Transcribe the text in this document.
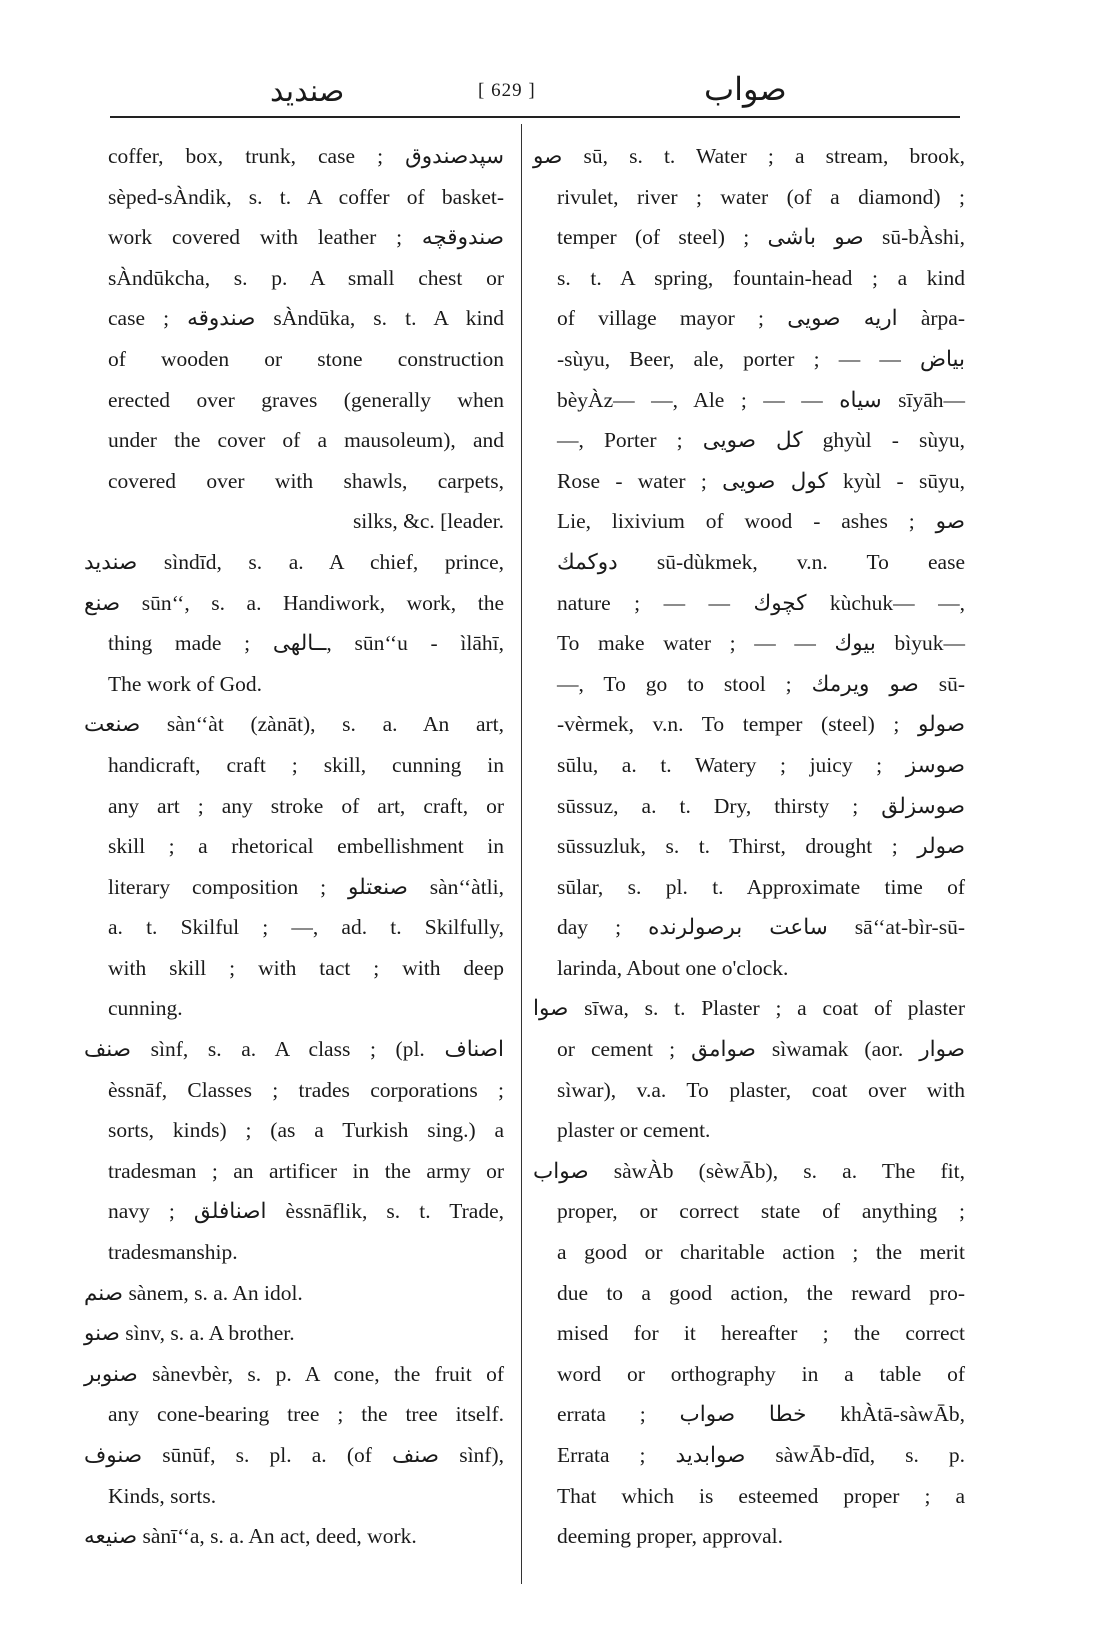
صندید	[ 629 ]	صواب
coffer, box, trunk, case ; سپدصندوق
sèped-sÀndik, s. t. A coffer of basket-
work covered with leather ; صندوقچه
sÀndūkcha, s. p. A small chest or
case ; صندوقه sÀndūka, s. t. A kind
of wooden or stone construction
erected over graves (generally when
under the cover of a mausoleum), and
covered over with shawls, carpets,
silks, &c. [leader.
صندید sìndīd, s. a. A chief, prince,
صنع sūn‘‘, s. a. Handiwork, work, the
thing made ; ــالهی, sūn‘‘u - ìlāhī,
The work of God.
صنعت sàn‘‘àt (zànāt), s. a. An art,
handicraft, craft ; skill, cunning in
any art ; any stroke of art, craft, or
skill ; a rhetorical embellishment in
literary composition ; صنعتلو sàn‘‘àtli,
a. t. Skilful ; —, ad. t. Skilfully,
with skill ; with tact ; with deep
cunning.
صنف sìnf, s. a. A class ; (pl. اصناف
èssnāf, Classes ; trades corporations ;
sorts, kinds) ; (as a Turkish sing.) a
tradesman ; an artificer in the army or
navy ; اصنافلق èssnāflik, s. t. Trade,
tradesmanship.
صنم sànem, s. a. An idol.
صنو sìnv, s. a. A brother.
صنوبر sànevbèr, s. p. A cone, the fruit of
any cone-bearing tree ; the tree itself.
صنوف sūnūf, s. pl. a. (of صنف sìnf),
Kinds, sorts.
صنیعه sànī‘‘a, s. a. An act, deed, work.
صو sū, s. t. Water ; a stream, brook,
rivulet, river ; water (of a diamond) ;
temper (of steel) ; صو باشی sū-bÀshi,
s. t. A spring, fountain-head ; a kind
of village mayor ; اریه صویی àrpa-
-sùyu, Beer, ale, porter ; — — بیاض
bèyÀz— —, Ale ; — — سیاه sīyāh—
—, Porter ; کل صویی ghyùl - sùyu,
Rose - water ; کول صویی kyùl - sūyu,
Lie, lixivium of wood - ashes ; صو
دوکمك sū-dùkmek, v.n. To ease
nature ; — — کچوك kùchuk— —,
To make water ; — — بیوك bìyuk—
—, To go to stool ; صو ویرمك sū-
-vèrmek, v.n. To temper (steel) ; صولو
sūlu, a. t. Watery ; juicy ; صوسز
sūssuz, a. t. Dry, thirsty ; صوسزلق
sūssuzluk, s. t. Thirst, drought ; صولر
sūlar, s. pl. t. Approximate time of
day ; ساعت برصولرنده sā‘‘at-bìr-sū-
larinda, About one o'clock.
صوا sīwa, s. t. Plaster ; a coat of plaster
or cement ; صوامق sìwamak (aor. صوار
sìwar), v.a. To plaster, coat over with
plaster or cement.
صواب sàwÀb (sèwĀb), s. a. The fit,
proper, or correct state of anything ;
a good or charitable action ; the merit
due to a good action, the reward pro-
mised for it hereafter ; the correct
word or orthography in a table of
errata ; خطا صواب khÀtā-sàwĀb,
Errata ; صوابدید sàwĀb-dīd, s. p.
That which is esteemed proper ; a
deeming proper, approval.
